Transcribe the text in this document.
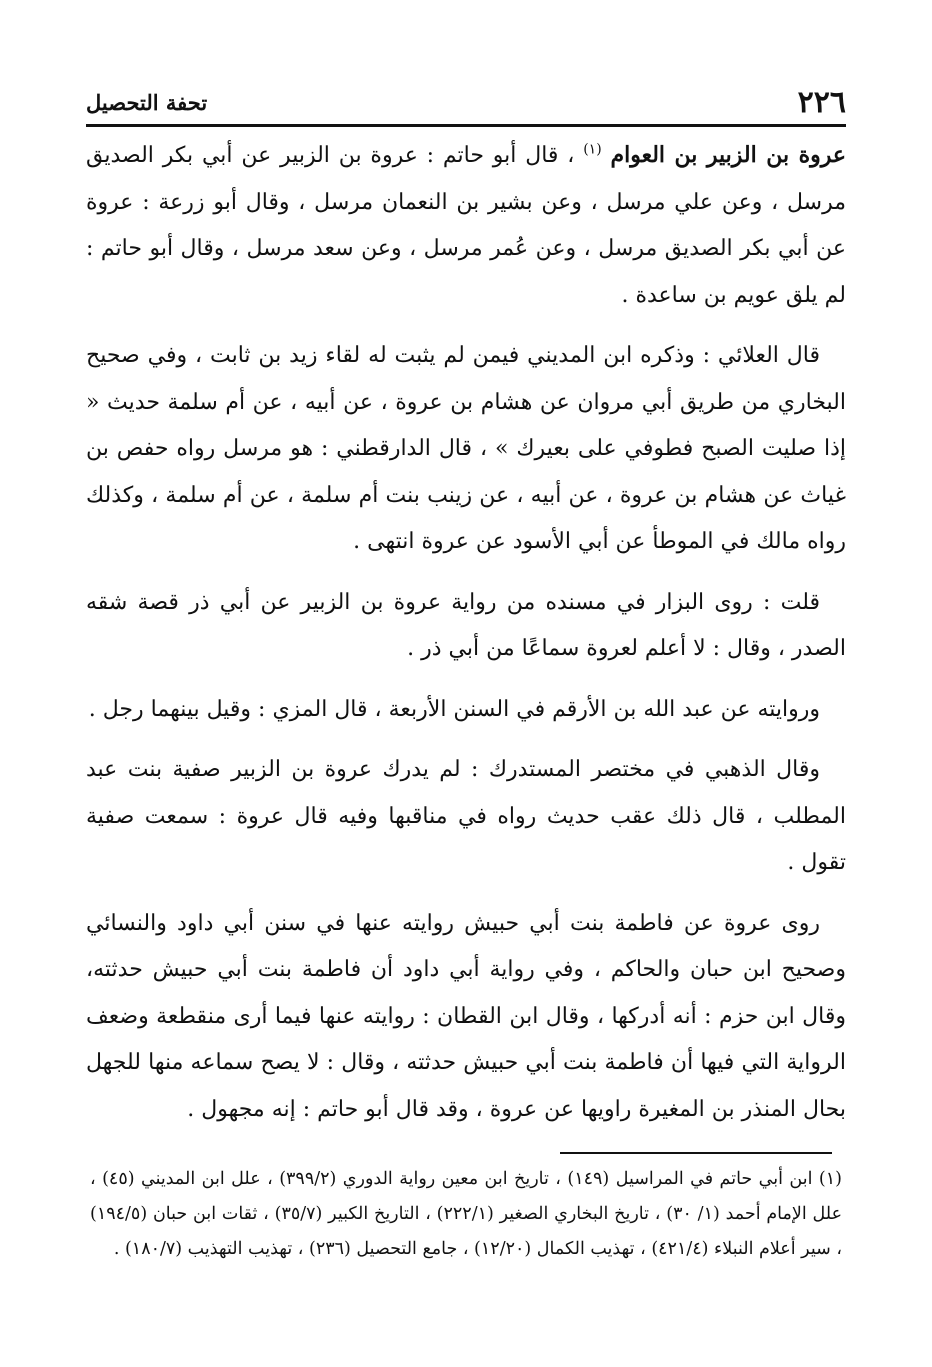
٢٢٦
تحفة التحصيل

عروة بن الزبير بن العوام $^{(١)}$ ، قال أبو حاتم : عروة بن الزبير عن أبي بكر الصديق مرسل ، وعن علي مرسل ، وعن بشير بن النعمان مرسل ، وقال أبو زرعة : عروة عن أبي بكر الصديق مرسل ، وعن عُمر مرسل ، وعن سعد مرسل ، وقال أبو حاتم : لم يلق عويم بن ساعدة .

قال العلائي : وذكره ابن المديني فيمن لم يثبت له لقاء زيد بن ثابت ، وفي صحيح البخاري من طريق أبي مروان عن هشام بن عروة ، عن أبيه ، عن أم سلمة حديث « إذا صليت الصبح فطوفي على بعيرك » ، قال الدارقطني : هو مرسل رواه حفص بن غياث عن هشام بن عروة ، عن أبيه ، عن زينب بنت أم سلمة ، عن أم سلمة ، وكذلك رواه مالك في الموطأ عن أبي الأسود عن عروة انتهى .

قلت : روى البزار في مسنده من رواية عروة بن الزبير عن أبي ذر قصة شقه الصدر ، وقال : لا أعلم لعروة سماعًا من أبي ذر .

وروايته عن عبد الله بن الأرقم في السنن الأربعة ، قال المزي : وقيل بينهما رجل .

وقال الذهبي في مختصر المستدرك : لم يدرك عروة بن الزبير صفية بنت عبد المطلب ، قال ذلك عقب حديث رواه في مناقبها وفيه قال عروة : سمعت صفية تقول .

روى عروة عن فاطمة بنت أبي حبيش روايته عنها في سنن أبي داود والنسائي وصحيح ابن حبان والحاكم ، وفي رواية أبي داود أن فاطمة بنت أبي حبيش حدثته، وقال ابن حزم : أنه أدركها ، وقال ابن القطان : روايته عنها فيما أرى منقطعة وضعف الرواية التي فيها أن فاطمة بنت أبي حبيش حدثته ، وقال : لا يصح سماعه منها للجهل بحال المنذر بن المغيرة راويها عن عروة ، وقد قال أبو حاتم : إنه مجهول .

(١) ابن أبي حاتم في المراسيل (١٤٩) ، تاريخ ابن معين رواية الدوري (٣٩٩/٢) ، علل ابن المديني (٤٥) ، علل الإمام أحمد (١/ ٣٠) ، تاريخ البخاري الصغير (٢٢٢/١) ، التاريخ الكبير (٣٥/٧) ، ثقات ابن حبان (١٩٤/٥) ، سير أعلام النبلاء (٤٢١/٤) ، تهذيب الكمال (١٢/٢٠) ، جامع التحصيل (٢٣٦) ، تهذيب التهذيب (١٨٠/٧) .
